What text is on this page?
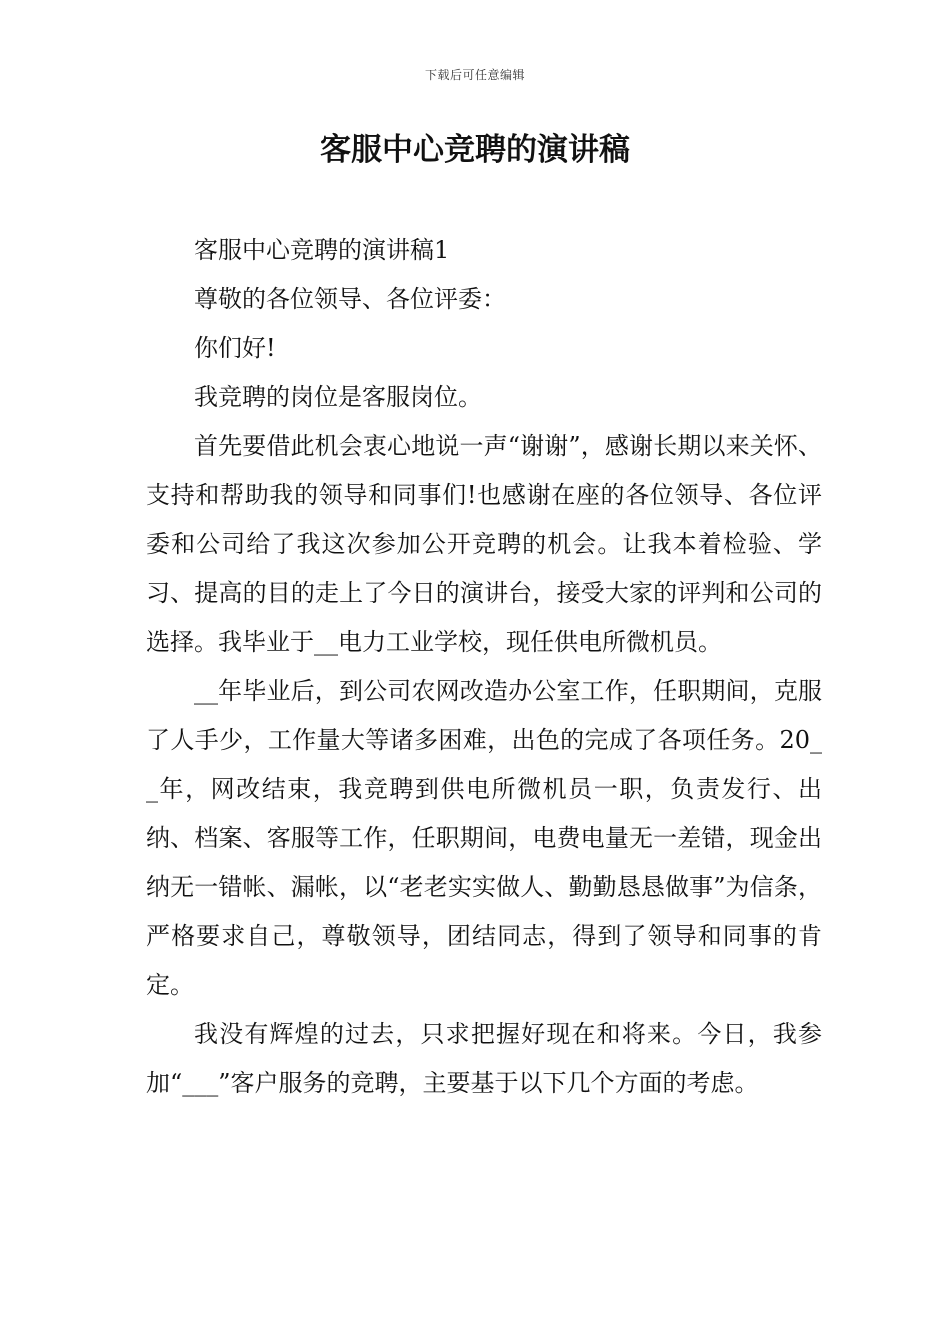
下载后可任意编辑
客服中心竞聘的演讲稿

客服中心竞聘的演讲稿1

尊敬的各位领导、各位评委：

你们好!

我竞聘的岗位是客服岗位。

首先要借此机会衷心地说一声“谢谢”，感谢长期以来关怀、支持和帮助我的领导和同事们!也感谢在座的各位领导、各位评委和公司给了我这次参加公开竞聘的机会。让我本着检验、学习、提高的目的走上了今日的演讲台，接受大家的评判和公司的选择。我毕业于__电力工业学校，现任供电所微机员。

__年毕业后，到公司农网改造办公室工作，任职期间，克服了人手少，工作量大等诸多困难，出色的完成了各项任务。20__年，网改结束，我竞聘到供电所微机员一职，负责发行、出纳、档案、客服等工作，任职期间，电费电量无一差错，现金出纳无一错帐、漏帐，以“老老实实做人、勤勤恳恳做事”为信条，严格要求自己，尊敬领导，团结同志，得到了领导和同事的肯定。

我没有辉煌的过去，只求把握好现在和将来。今日，我参加“___”客户服务的竞聘，主要基于以下几个方面的考虑。
